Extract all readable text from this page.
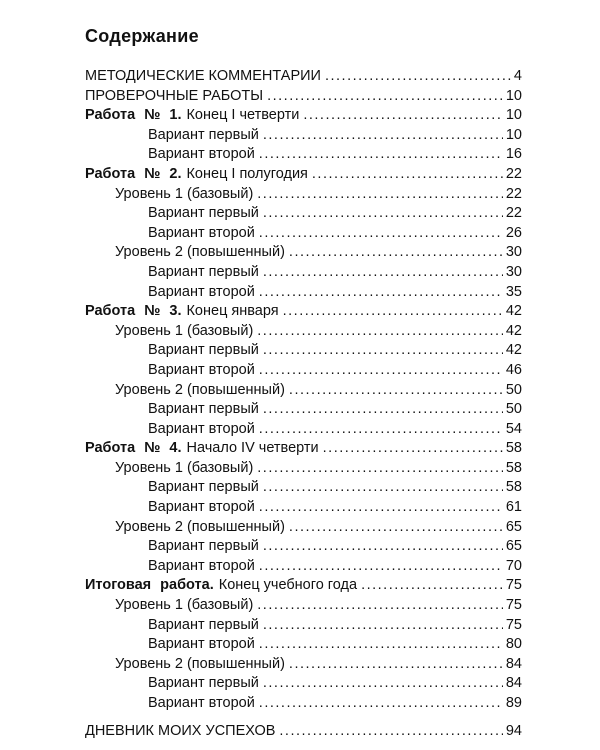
Содержание
МЕТОДИЧЕСКИЕ КОММЕНТАРИИ .....	4
ПРОВЕРОЧНЫЕ РАБОТЫ .....	10
Работа № 1. Конец I четверти .....	10
Вариант первый .....	10
Вариант второй .....	16
Работа № 2. Конец I полугодия .....	22
Уровень 1 (базовый) .....	22
Вариант первый .....	22
Вариант второй .....	26
Уровень 2 (повышенный) .....	30
Вариант первый .....	30
Вариант второй .....	35
Работа № 3. Конец января .....	42
Уровень 1 (базовый) .....	42
Вариант первый .....	42
Вариант второй .....	46
Уровень 2 (повышенный) .....	50
Вариант первый .....	50
Вариант второй .....	54
Работа № 4. Начало IV четверти .....	58
Уровень 1 (базовый) .....	58
Вариант первый .....	58
Вариант второй .....	61
Уровень 2 (повышенный) .....	65
Вариант первый .....	65
Вариант второй .....	70
Итоговая работа. Конец учебного года .....	75
Уровень 1 (базовый) .....	75
Вариант первый .....	75
Вариант второй .....	80
Уровень 2 (повышенный) .....	84
Вариант первый .....	84
Вариант второй .....	89
ДНЕВНИК МОИХ УСПЕХОВ .....	94
